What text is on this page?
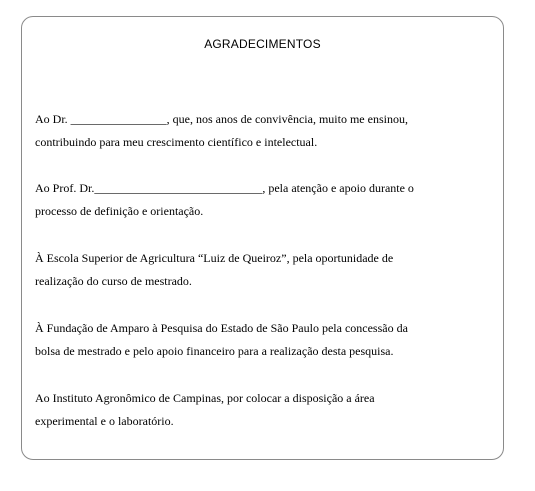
AGRADECIMENTOS

Ao Dr. ________________, que, nos anos de convivência, muito me ensinou,
contribuindo para meu crescimento científico e intelectual.

Ao Prof. Dr.____________________________, pela atenção e apoio durante o
processo de definição e orientação.

À Escola Superior de Agricultura “Luiz de Queiroz”, pela oportunidade de
realização do curso de mestrado.

À Fundação de Amparo à Pesquisa do Estado de São Paulo pela concessão da
bolsa de mestrado e pelo apoio financeiro para a realização desta pesquisa.

Ao Instituto Agronômico de Campinas, por colocar a disposição a área
experimental e o laboratório.
